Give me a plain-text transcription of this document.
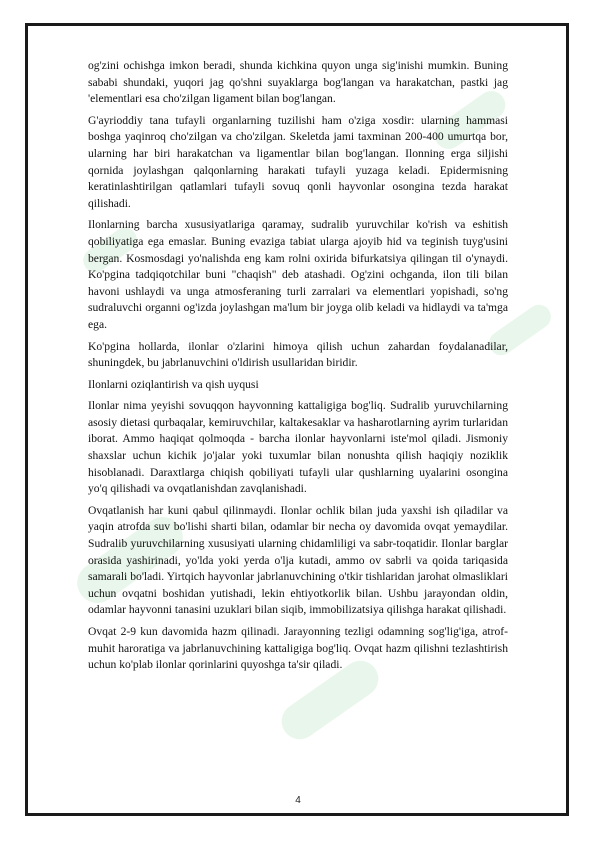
og'zini ochishga imkon beradi, shunda kichkina quyon unga sig'inishi mumkin. Buning sababi shundaki, yuqori jag qo'shni suyaklarga bog'langan va harakatchan, pastki jag 'elementlari esa cho'zilgan ligament bilan bog'langan.

G'ayrioddiy tana tufayli organlarning tuzilishi ham o'ziga xosdir: ularning hammasi boshga yaqinroq cho'zilgan va cho'zilgan. Skeletda jami taxminan 200-400 umurtqa bor, ularning har biri harakatchan va ligamentlar bilan bog'langan. Ilonning erga siljishi qornida joylashgan qalqonlarning harakati tufayli yuzaga keladi. Epidermisning keratinlashtirilgan qatlamlari tufayli sovuq qonli hayvonlar osongina tezda harakat qilishadi.

Ilonlarning barcha xususiyatlariga qaramay, sudralib yuruvchilar ko'rish va eshitish qobiliyatiga ega emaslar. Buning evaziga tabiat ularga ajoyib hid va teginish tuyg'usini bergan. Kosmosdagi yo'nalishda eng kam rolni oxirida bifurkatsiya qilingan til o'ynaydi. Ko'pgina tadqiqotchilar buni "chaqish" deb atashadi. Og'zini ochganda, ilon tili bilan havoni ushlaydi va unga atmosferaning turli zarralari va elementlari yopishadi, so'ng sudraluvchi organni og'izda joylashgan ma'lum bir joyga olib keladi va hidlaydi va ta'mga ega.

Ko'pgina hollarda, ilonlar o'zlarini himoya qilish uchun zahardan foydalanadilar, shuningdek, bu jabrlanuvchini o'ldirish usullaridan biridir.

Ilonlarni oziqlantirish va qish uyqusi

Ilonlar nima yeyishi sovuqqon hayvonning kattaligiga bog'liq. Sudralib yuruvchilarning asosiy dietasi qurbaqalar, kemiruvchilar, kaltakesaklar va hasharotlarning ayrim turlaridan iborat. Ammo haqiqat qolmoqda - barcha ilonlar hayvonlarni iste'mol qiladi. Jismoniy shaxslar uchun kichik jo'jalar yoki tuxumlar bilan nonushta qilish haqiqiy noziklik hisoblanadi. Daraxtlarga chiqish qobiliyati tufayli ular qushlarning uyalarini osongina yo'q qilishadi va ovqatlanishdan zavqlanishadi.

Ovqatlanish har kuni qabul qilinmaydi. Ilonlar ochlik bilan juda yaxshi ish qiladilar va yaqin atrofda suv bo'lishi sharti bilan, odamlar bir necha oy davomida ovqat yemaydilar. Sudralib yuruvchilarning xususiyati ularning chidamliligi va sabr-toqatidir. Ilonlar barglar orasida yashirinadi, yo'lda yoki yerda o'lja kutadi, ammo ov sabrli va qoida tariqasida samarali bo'ladi. Yirtqich hayvonlar jabrlanuvchining o'tkir tishlaridan jarohat olmasliklari uchun ovqatni boshidan yutishadi, lekin ehtiyotkorlik bilan. Ushbu jarayondan oldin, odamlar hayvonni tanasini uzuklari bilan siqib, immobilizatsiya qilishga harakat qilishadi.

Ovqat 2-9 kun davomida hazm qilinadi. Jarayonning tezligi odamning sog'lig'iga, atrof-muhit haroratiga va jabrlanuvchining kattaligiga bog'liq. Ovqat hazm qilishni tezlashtirish uchun ko'plab ilonlar qorinlarini quyoshga ta'sir qiladi.

4
